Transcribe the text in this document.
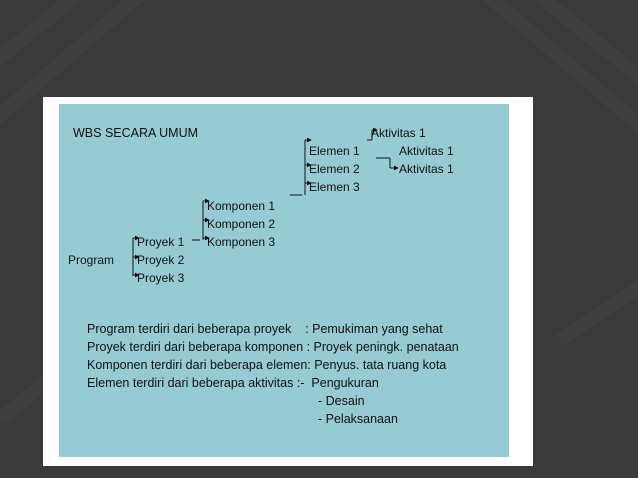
WBS SECARA UMUM	Aktivitas 1
Elemen 1
Elemen 2
Elemen 3
Aktivitas 1
Aktivitas 1
Komponen 1
Komponen 2
Komponen 3
Proyek 1
Proyek 2
Proyek 3
Program
Program terdiri dari beberapa proyek    : Pemukiman yang sehat
Proyek terdiri dari beberapa komponen : Proyek peningk. penataan
Komponen terdiri dari beberapa elemen: Penyus. tata ruang kota
Elemen terdiri dari beberapa aktivitas :-  Pengukuran
- Desain
- Pelaksanaan
